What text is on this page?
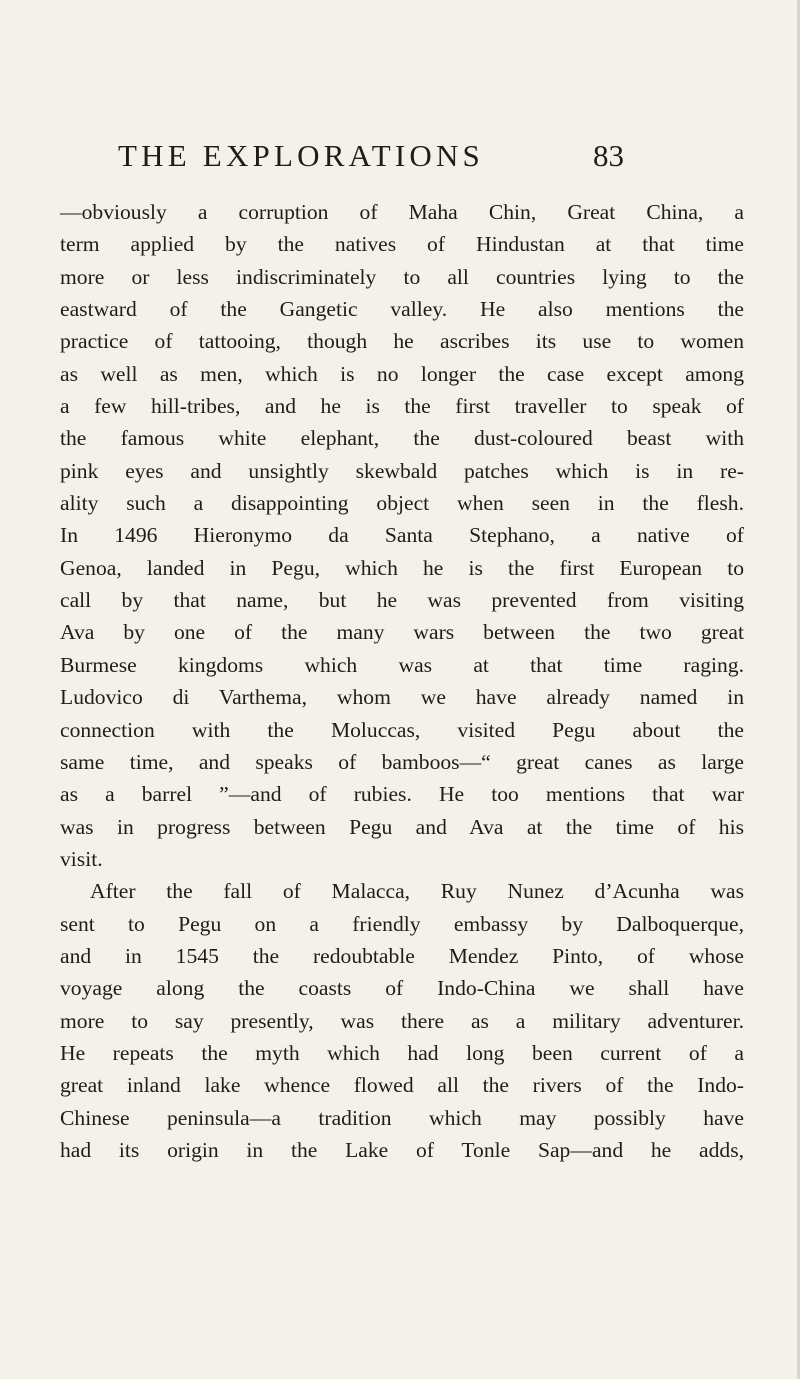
THE EXPLORATIONS	83
—obviously a corruption of Maha Chin, Great China, a
term applied by the natives of Hindustan at that time
more or less indiscriminately to all countries lying to the
eastward of the Gangetic valley. He also mentions the
practice of tattooing, though he ascribes its use to women
as well as men, which is no longer the case except among
a few hill-tribes, and he is the first traveller to speak of
the famous white elephant, the dust-coloured beast with
pink eyes and unsightly skewbald patches which is in re-
ality such a disappointing object when seen in the flesh.
In 1496 Hieronymo da Santa Stephano, a native of
Genoa, landed in Pegu, which he is the first European to
call by that name, but he was prevented from visiting
Ava by one of the many wars between the two great
Burmese kingdoms which was at that time raging.
Ludovico di Varthema, whom we have already named in
connection with the Moluccas, visited Pegu about the
same time, and speaks of bamboos—“ great canes as large
as a barrel ”—and of rubies. He too mentions that war
was in progress between Pegu and Ava at the time of his
visit.
After the fall of Malacca, Ruy Nunez d’Acunha was
sent to Pegu on a friendly embassy by Dalboquerque,
and in 1545 the redoubtable Mendez Pinto, of whose
voyage along the coasts of Indo-China we shall have
more to say presently, was there as a military adventurer.
He repeats the myth which had long been current of a
great inland lake whence flowed all the rivers of the Indo-
Chinese peninsula—a tradition which may possibly have
had its origin in the Lake of Tonle Sap—and he adds,
